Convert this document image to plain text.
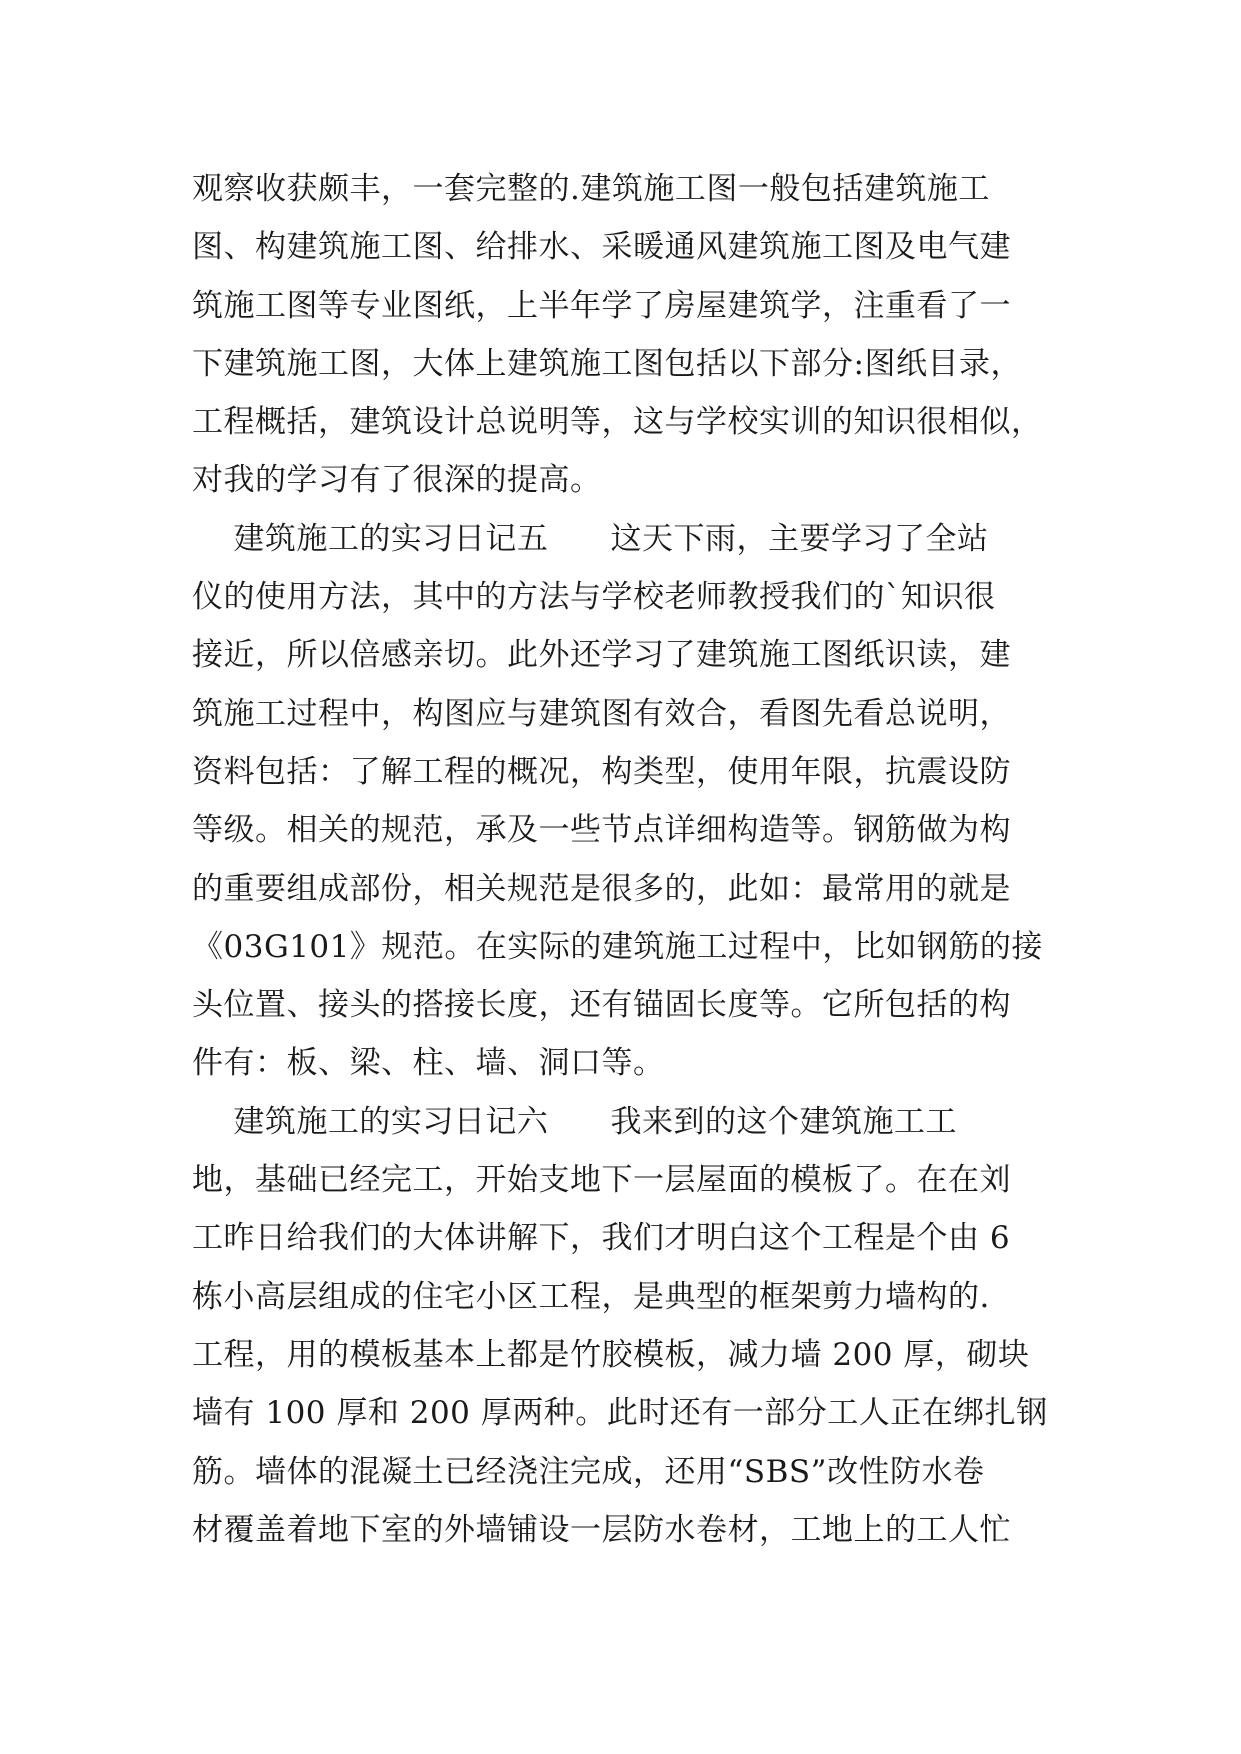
观察收获颇丰，一套完整的.建筑施工图一般包括建筑施工
图、构建筑施工图、给排水、采暖通风建筑施工图及电气建
筑施工图等专业图纸，上半年学了房屋建筑学，注重看了一
下建筑施工图，大体上建筑施工图包括以下部分:图纸目录，
工程概括，建筑设计总说明等，这与学校实训的知识很相似，
对我的学习有了很深的提高。
建筑施工的实习日记五      这天下雨，主要学习了全站
仪的使用方法，其中的方法与学校老师教授我们的`知识很
接近，所以倍感亲切。此外还学习了建筑施工图纸识读，建
筑施工过程中，构图应与建筑图有效合，看图先看总说明，
资料包括：了解工程的概况，构类型，使用年限，抗震设防
等级。相关的规范，承及一些节点详细构造等。钢筋做为构
的重要组成部份，相关规范是很多的，此如：最常用的就是
《03G101》规范。在实际的建筑施工过程中，比如钢筋的接
头位置、接头的搭接长度，还有锚固长度等。它所包括的构
件有：板、梁、柱、墙、洞口等。
建筑施工的实习日记六      我来到的这个建筑施工工
地，基础已经完工，开始支地下一层屋面的模板了。在在刘
工昨日给我们的大体讲解下，我们才明白这个工程是个由 6
栋小高层组成的住宅小区工程，是典型的框架剪力墙构的.
工程，用的模板基本上都是竹胶模板，减力墙 200 厚，砌块
墙有 100 厚和 200 厚两种。此时还有一部分工人正在绑扎钢
筋。墙体的混凝土已经浇注完成，还用“SBS”改性防水卷
材覆盖着地下室的外墙铺设一层防水卷材，工地上的工人忙
